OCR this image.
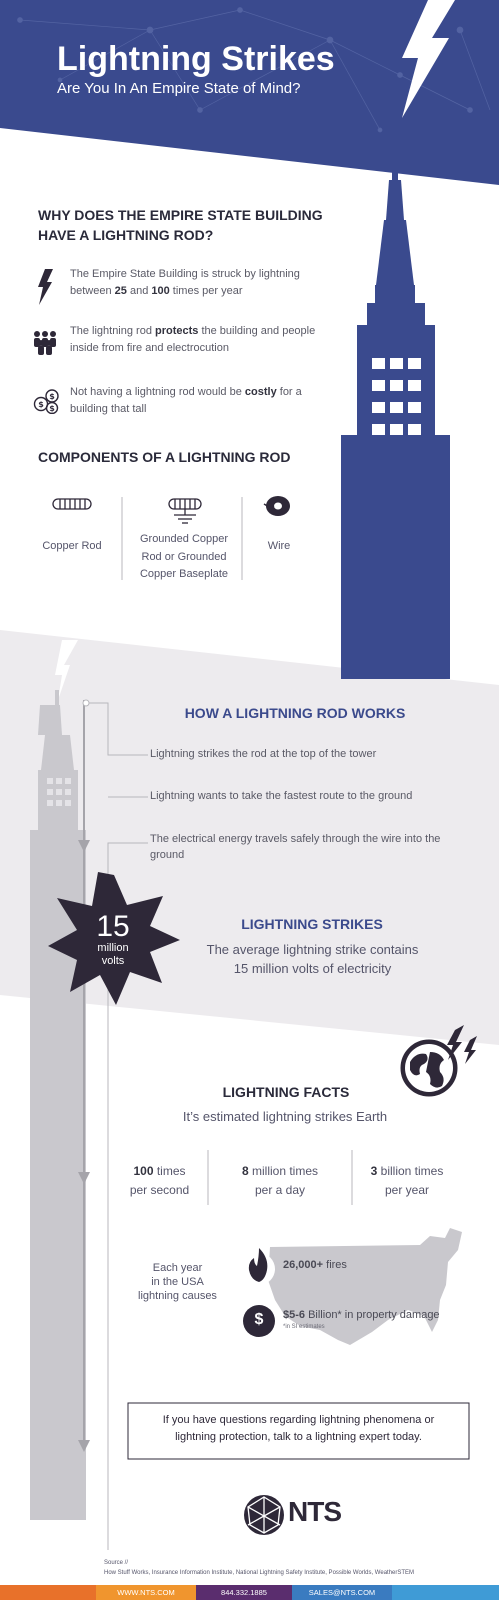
Lightning Strikes
Are You In An Empire State of Mind?
WHY DOES THE EMPIRE STATE BUILDING
HAVE A LIGHTNING ROD?
The Empire State Building is struck by lightning between 25 and 100 times per year
The lightning rod protects the building and people inside from fire and electrocution
$
$
$
Not having a lightning rod would be costly for a building that tall
COMPONENTS OF A LIGHTNING ROD
Copper Rod
Grounded Copper Rod or Grounded Copper Baseplate
Wire
HOW A LIGHTNING ROD WORKS
Lightning strikes the rod at the top of the tower
Lightning wants to take the fastest route to the ground
The electrical energy travels safely through the wire into the ground
15
million
volts
LIGHTNING STRIKES
The average lightning strike contains
15 million volts of electricity
LIGHTNING FACTS
It’s estimated lightning strikes Earth
100 times
per second
8 million times
per a day
3 billion times
per year
Each year
in the USA
lightning causes
26,000+ fires
$	$5-6 Billion* in property damage
*in SI estimates
If you have questions regarding lightning phenomena or
lightning protection, talk to a lightning expert today.
NTS
Source //
How Stuff Works, Insurance Information Institute, National Lightning Safety Institute, Possible Worlds, WeatherSTEM
WWW.NTS.COM	844.332.1885	SALES@NTS.COM
